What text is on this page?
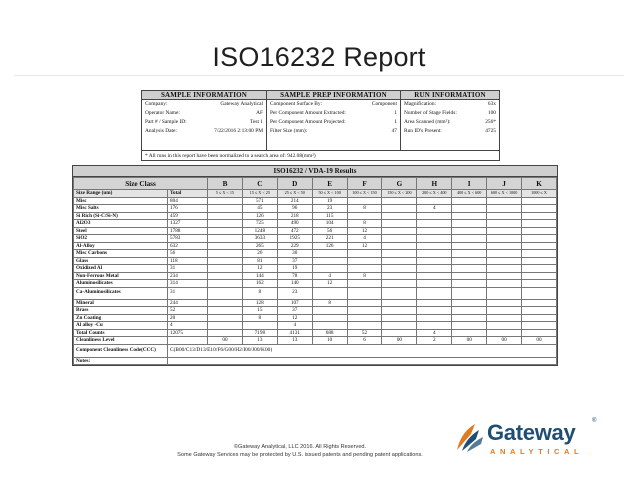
ISO16232 Report
SAMPLE INFORMATION
Company:	Gateway Analytical
Operator Name:	AF
Part # / Sample ID:	Test 1
Analysis Date:	7/22/2016 2:13:00 PM
SAMPLE PREP INFORMATION
Component Surface By:	Component
Per Component Amount Extracted:	1
Per Component Amount Projected:	1
Filter Size (mm):	47
RUN INFORMATION
Magnification:	63x
Number of Stage Fields:	100
Area Scanned (mm²):	256*
Run ID's Present:	4725
* All runs in this report have been normalized to a search area of: 942.08(mm²)
ISO16232 / VDA-19 Results
Size Class		B	C	D	E	F	G	H	I	J	K
Size Range (um)	Total	5 ≤ X < 15	15 ≤ X < 25	25 ≤ X < 50	50 ≤ X < 100	100 ≤ X < 150	150 ≤ X < 200	200 ≤ X < 400	400 ≤ X < 600	600 ≤ X < 1000	1000 ≤ X
Misc	804		571	214	19						
Misc Salts	176		45	96	23	8		4			
Si Rich (Si-C/Si-N)	459		126	218	115						
Al2O3	1327		725	490	104	8					
Steel	1788		1248	472	56	12					
SiO2	5783		3633	1925	221	4					
Al-Alloy	632		265	229	126	12					
Misc Carbons	56		26	30							
Glass	118		81	37							
Oxidized Al	31		12	19							
Non-Ferrous Metal	234		144	78	4	8					
Aluminosilicates	314		162	140	12						
Ca-Aluminosilicates	31		8	23							
Mineral	244		128	107	8						
Brass	52		15	37							
Zn Coating	20		8	12							
Al alloy -Cu	4			4							
Total Counts	12075		7198	4131	688	52		4			
Cleanliness Level		00	13	13	10	6	00	2	00	00	00
Component Cleanliness Code(CCC)	C(B00/C13/D13/E10/F6/G00/H2/I00/J00/K00)										
Notes:											
©Gateway Analytical, LLC 2016. All Rights Reserved.
Some Gateway Services may be protected by U.S. issued patents and pending patent applications.
Gateway	®
ANALYTICAL
